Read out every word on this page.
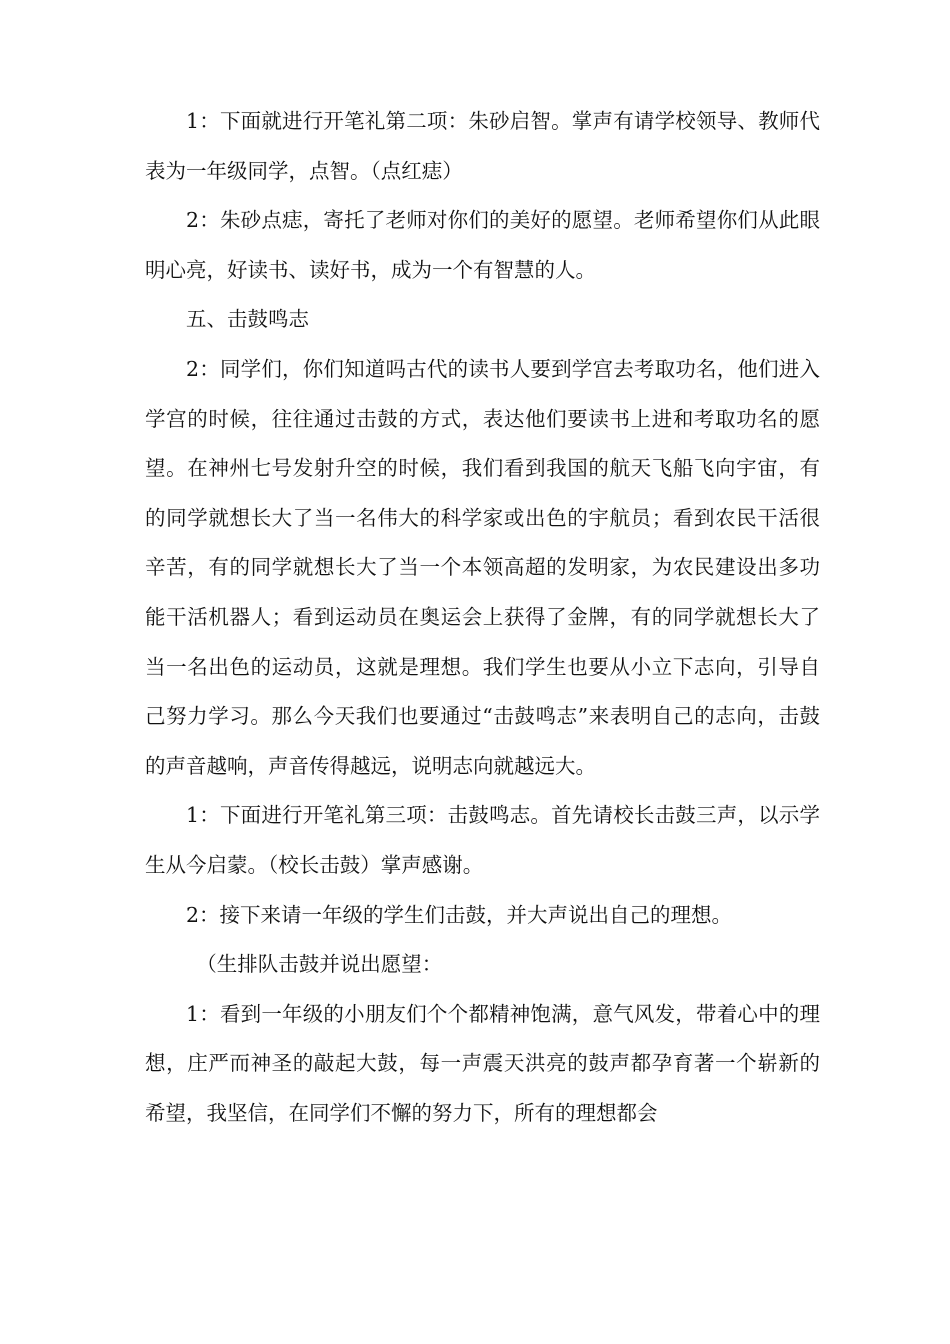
1：下面就进行开笔礼第二项：朱砂启智。掌声有请学校领导、教师代表为一年级同学，点智。（点红痣）

2：朱砂点痣，寄托了老师对你们的美好的愿望。老师希望你们从此眼明心亮，好读书、读好书，成为一个有智慧的人。

五、击鼓鸣志

2：同学们，你们知道吗古代的读书人要到学宫去考取功名，他们进入学宫的时候，往往通过击鼓的方式，表达他们要读书上进和考取功名的愿望。在神州七号发射升空的时候，我们看到我国的航天飞船飞向宇宙，有的同学就想长大了当一名伟大的科学家或出色的宇航员；看到农民干活很辛苦，有的同学就想长大了当一个本领高超的发明家，为农民建设出多功能干活机器人；看到运动员在奥运会上获得了金牌，有的同学就想长大了当一名出色的运动员，这就是理想。我们学生也要从小立下志向，引导自己努力学习。那么今天我们也要通过“击鼓鸣志”来表明自己的志向，击鼓的声音越响，声音传得越远，说明志向就越远大。

1：下面进行开笔礼第三项：击鼓鸣志。首先请校长击鼓三声，以示学生从今启蒙。（校长击鼓）掌声感谢。

2：接下来请一年级的学生们击鼓，并大声说出自己的理想。

（生排队击鼓并说出愿望：

1：看到一年级的小朋友们个个都精神饱满，意气风发，带着心中的理想，庄严而神圣的敲起大鼓，每一声震天洪亮的鼓声都孕育著一个崭新的希望，我坚信，在同学们不懈的努力下，所有的理想都会
